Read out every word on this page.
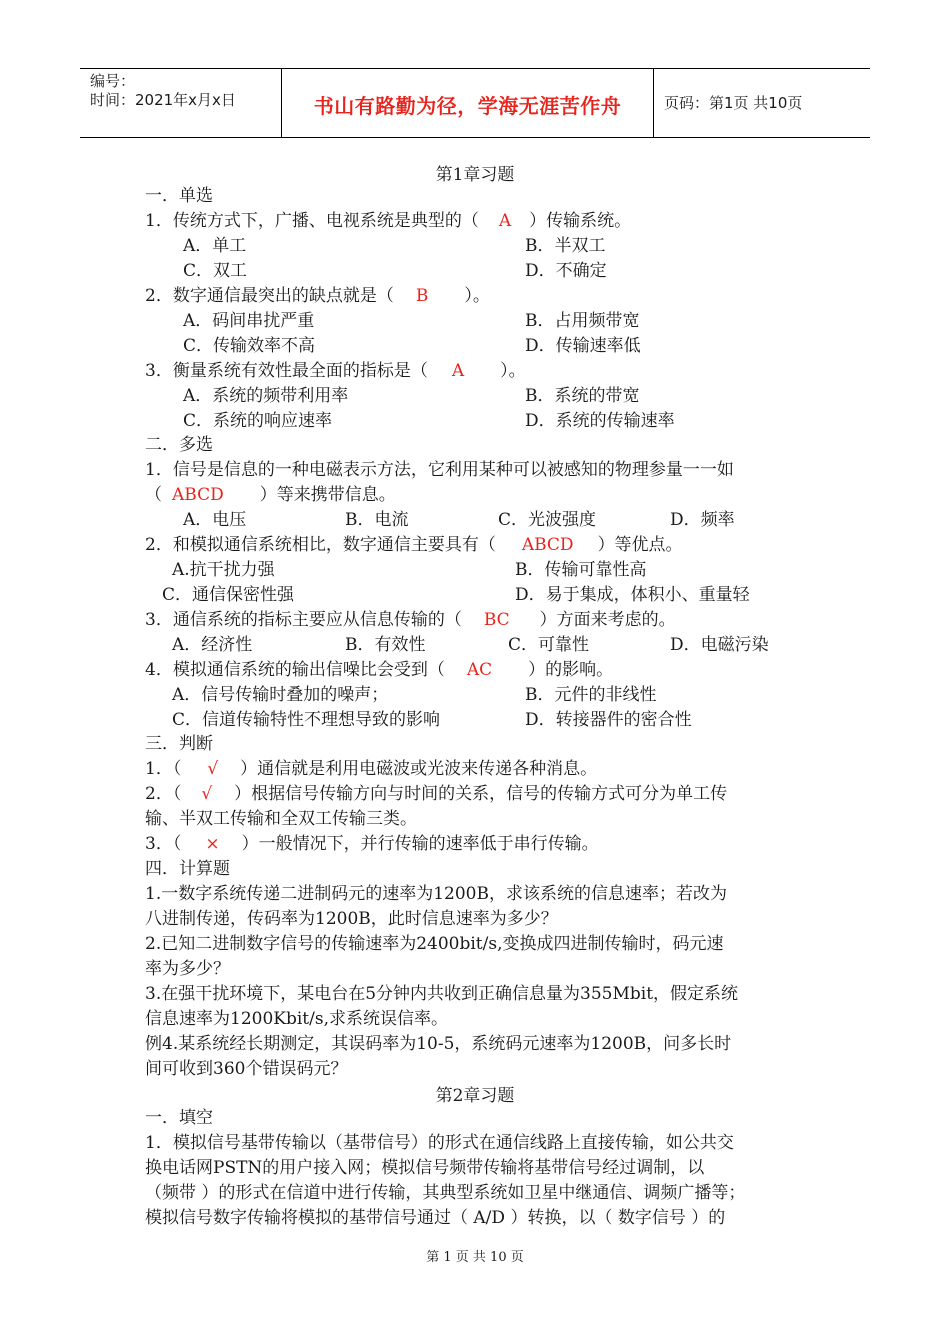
编号：
时间：2021年x月x日	书山有路勤为径，学海无涯苦作舟	页码：第1页 共10页
第1章习题
一．单选
1．传统方式下，广播、电视系统是典型的（ A ）传输系统。
A．单工	B．半双工
C．双工	D．不确定
2．数字通信最突出的缺点就是（ B ）。
A．码间串扰严重	B．占用频带宽
C．传输效率不高	D．传输速率低
3．衡量系统有效性最全面的指标是（ A ）。
A．系统的频带利用率	B．系统的带宽
C．系统的响应速率	D．系统的传输速率
二．多选
1．信号是信息的一种电磁表示方法，它利用某种可以被感知的物理参量一一如
（ ABCD ）等来携带信息。
A．电压	B．电流	C．光波强度	D．频率
2．和模拟通信系统相比，数字通信主要具有（ ABCD ）等优点。
A.抗干扰力强	B．传输可靠性高
C．通信保密性强	D．易于集成，体积小、重量轻
3．通信系统的指标主要应从信息传输的（ BC ）方面来考虑的。
A．经济性	B．有效性	C．可靠性	D．电磁污染
4．模拟通信系统的输出信噪比会受到（ AC ）的影响。
A．信号传输时叠加的噪声；	B．元件的非线性
C．信道传输特性不理想导致的影响	D．转接器件的密合性
三．判断
1．（ √ ）通信就是利用电磁波或光波来传递各种消息。
2．（ √ ）根据信号传输方向与时间的关系，信号的传输方式可分为单工传
输、半双工传输和全双工传输三类。
3．（ × ）一般情况下，并行传输的速率低于串行传输。
四．计算题
1.一数字系统传递二进制码元的速率为1200B，求该系统的信息速率；若改为
八进制传递，传码率为1200B，此时信息速率为多少？
2.已知二进制数字信号的传输速率为2400bit/s,变换成四进制传输时，码元速
率为多少？
3.在强干扰环境下，某电台在5分钟内共收到正确信息量为355Mbit，假定系统
信息速率为1200Kbit/s,求系统误信率。
例4.某系统经长期测定，其误码率为10-5，系统码元速率为1200B，问多长时
间可收到360个错误码元？
第2章习题
一．填空
1．模拟信号基带传输以（基带信号）的形式在通信线路上直接传输，如公共交
换电话网PSTN的用户接入网；模拟信号频带传输将基带信号经过调制，以
（频带 ）的形式在信道中进行传输，其典型系统如卫星中继通信、调频广播等；
模拟信号数字传输将模拟的基带信号通过（ A/D ）转换，以（ 数字信号 ）的
第 1 页 共 10 页
